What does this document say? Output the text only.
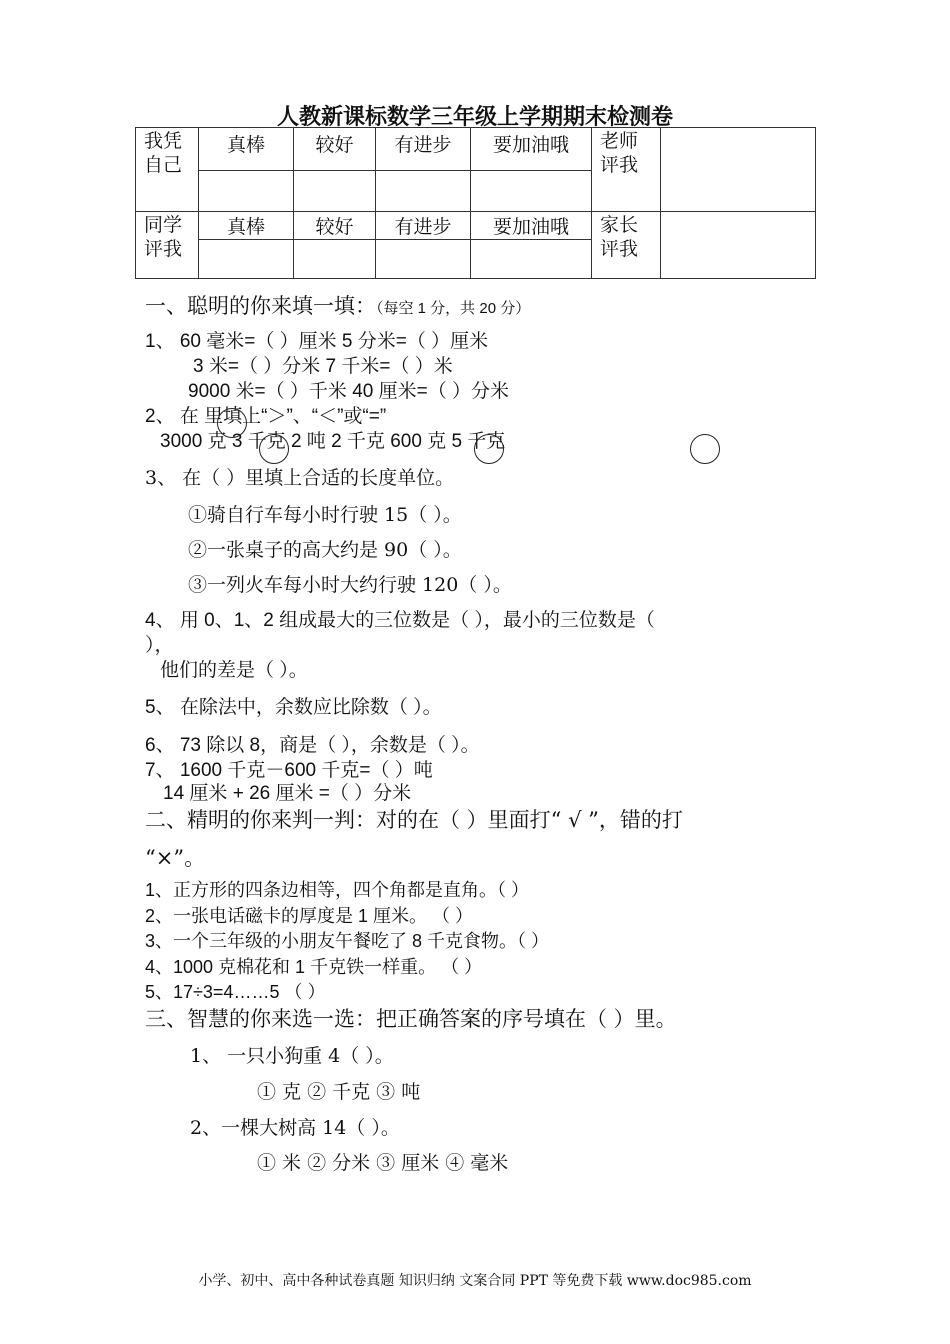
人教新课标数学三年级上学期期末检测卷
我凭自己	真棒	较好	有进步	要加油哦	老师评我	

同学评我	真棒	较好	有进步	要加油哦	家长评我	

一、聪明的你来填一填：（每空 1 分，共 20 分）
1、 60 毫米=（ ）厘米 5 分米=（ ）厘米
3 米=（ ）分米 7 千米=（ ）米
9000 米=（ ）千米 40 厘米=（ ）分米
2、 在 里填上“＞”、“＜”或“=”
3000 克 3 千克 2 吨 2 千克 600 克 5 千克
3、 在（ ）里填上合适的长度单位。
①骑自行车每小时行驶 15（ ）。
②一张桌子的高大约是 90（ ）。
③一列火车每小时大约行驶 120（ ）。
4、 用 0、1、2 组成最大的三位数是（ ），最小的三位数是（
），
他们的差是（ ）。
5、 在除法中，余数应比除数（ ）。
6、 73 除以 8，商是（ ），余数是（ ）。
7、 1600 千克－600 千克=（ ）吨
14 厘米 + 26 厘米 =（ ）分米
二、精明的你来判一判：对的在（ ）里面打“ √ ”，错的打
“×”。
1、正方形的四条边相等，四个角都是直角。（ ）
2、一张电话磁卡的厚度是 1 厘米。 （ ）
3、一个三年级的小朋友午餐吃了 8 千克食物。（ ）
4、1000 克棉花和 1 千克铁一样重。 （ ）
5、17÷3=4……5 （ ）
三、智慧的你来选一选：把正确答案的序号填在（ ）里。
1、 一只小狗重 4（ ）。
① 克 ② 千克 ③ 吨
2、一棵大树高 14（ ）。
① 米 ② 分米 ③ 厘米 ④ 毫米
小学、初中、高中各种试卷真题 知识归纳 文案合同 PPT 等免费下载 www.doc985.com
